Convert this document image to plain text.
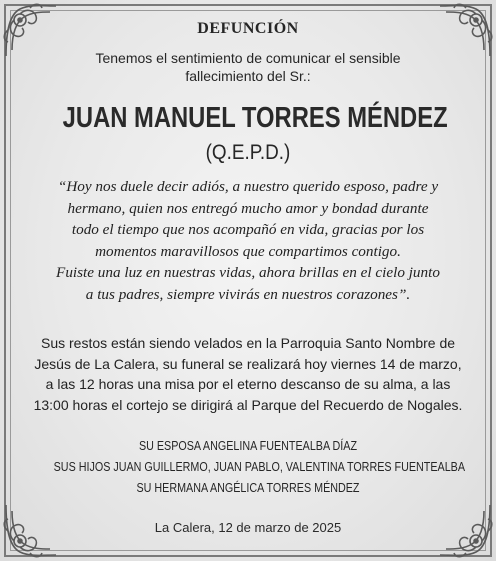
DEFUNCIÓN
Tenemos el sentimiento de comunicar el sensible
fallecimiento del Sr.:
JUAN MANUEL TORRES MÉNDEZ
(Q.E.P.D.)
“Hoy nos duele decir adiós, a nuestro querido esposo, padre y
hermano, quien nos entregó mucho amor y bondad durante
todo el tiempo que nos acompañó en vida, gracias por los
momentos maravillosos que compartimos contigo.
Fuiste una luz en nuestras vidas, ahora brillas en el cielo junto
a tus padres, siempre vivirás en nuestros corazones”.
Sus restos están siendo velados en la Parroquia Santo Nombre de
Jesús de La Calera, su funeral se realizará hoy viernes 14 de marzo,
a las 12 horas una misa por el eterno descanso de su alma, a las
13:00 horas el cortejo se dirigirá al Parque del Recuerdo de Nogales.
SU ESPOSA ANGELINA FUENTEALBA DÍAZ
SUS HIJOS JUAN GUILLERMO, JUAN PABLO, VALENTINA TORRES FUENTEALBA
SU HERMANA ANGÉLICA TORRES MÉNDEZ
La Calera, 12 de marzo de 2025
